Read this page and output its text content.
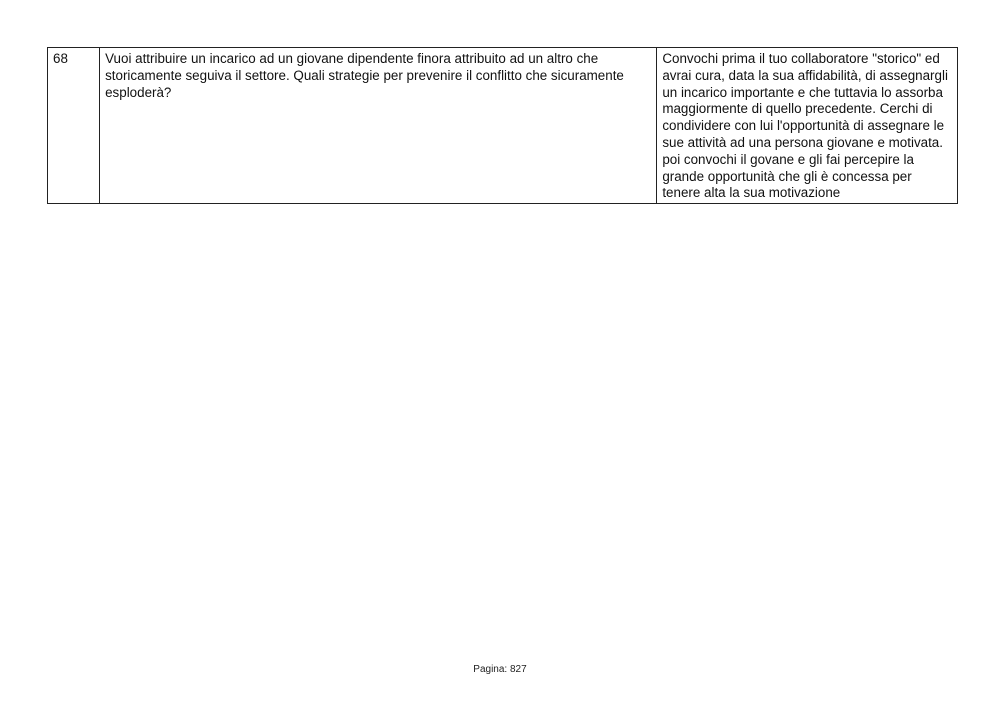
68	Vuoi attribuire un incarico ad un giovane dipendente finora attribuito ad un altro che storicamente seguiva il settore. Quali strategie per prevenire il conflitto che sicuramente esploderà?	Convochi prima il tuo collaboratore "storico" ed avrai cura, data la sua affidabilità, di assegnargli un incarico importante e che tuttavia lo assorba maggiormente di quello precedente. Cerchi di condividere con lui l'opportunità di assegnare le sue attività ad una persona giovane e motivata. poi convochi il govane e gli fai percepire la grande opportunità che gli è concessa per tenere alta la sua motivazione
Pagina: 827
